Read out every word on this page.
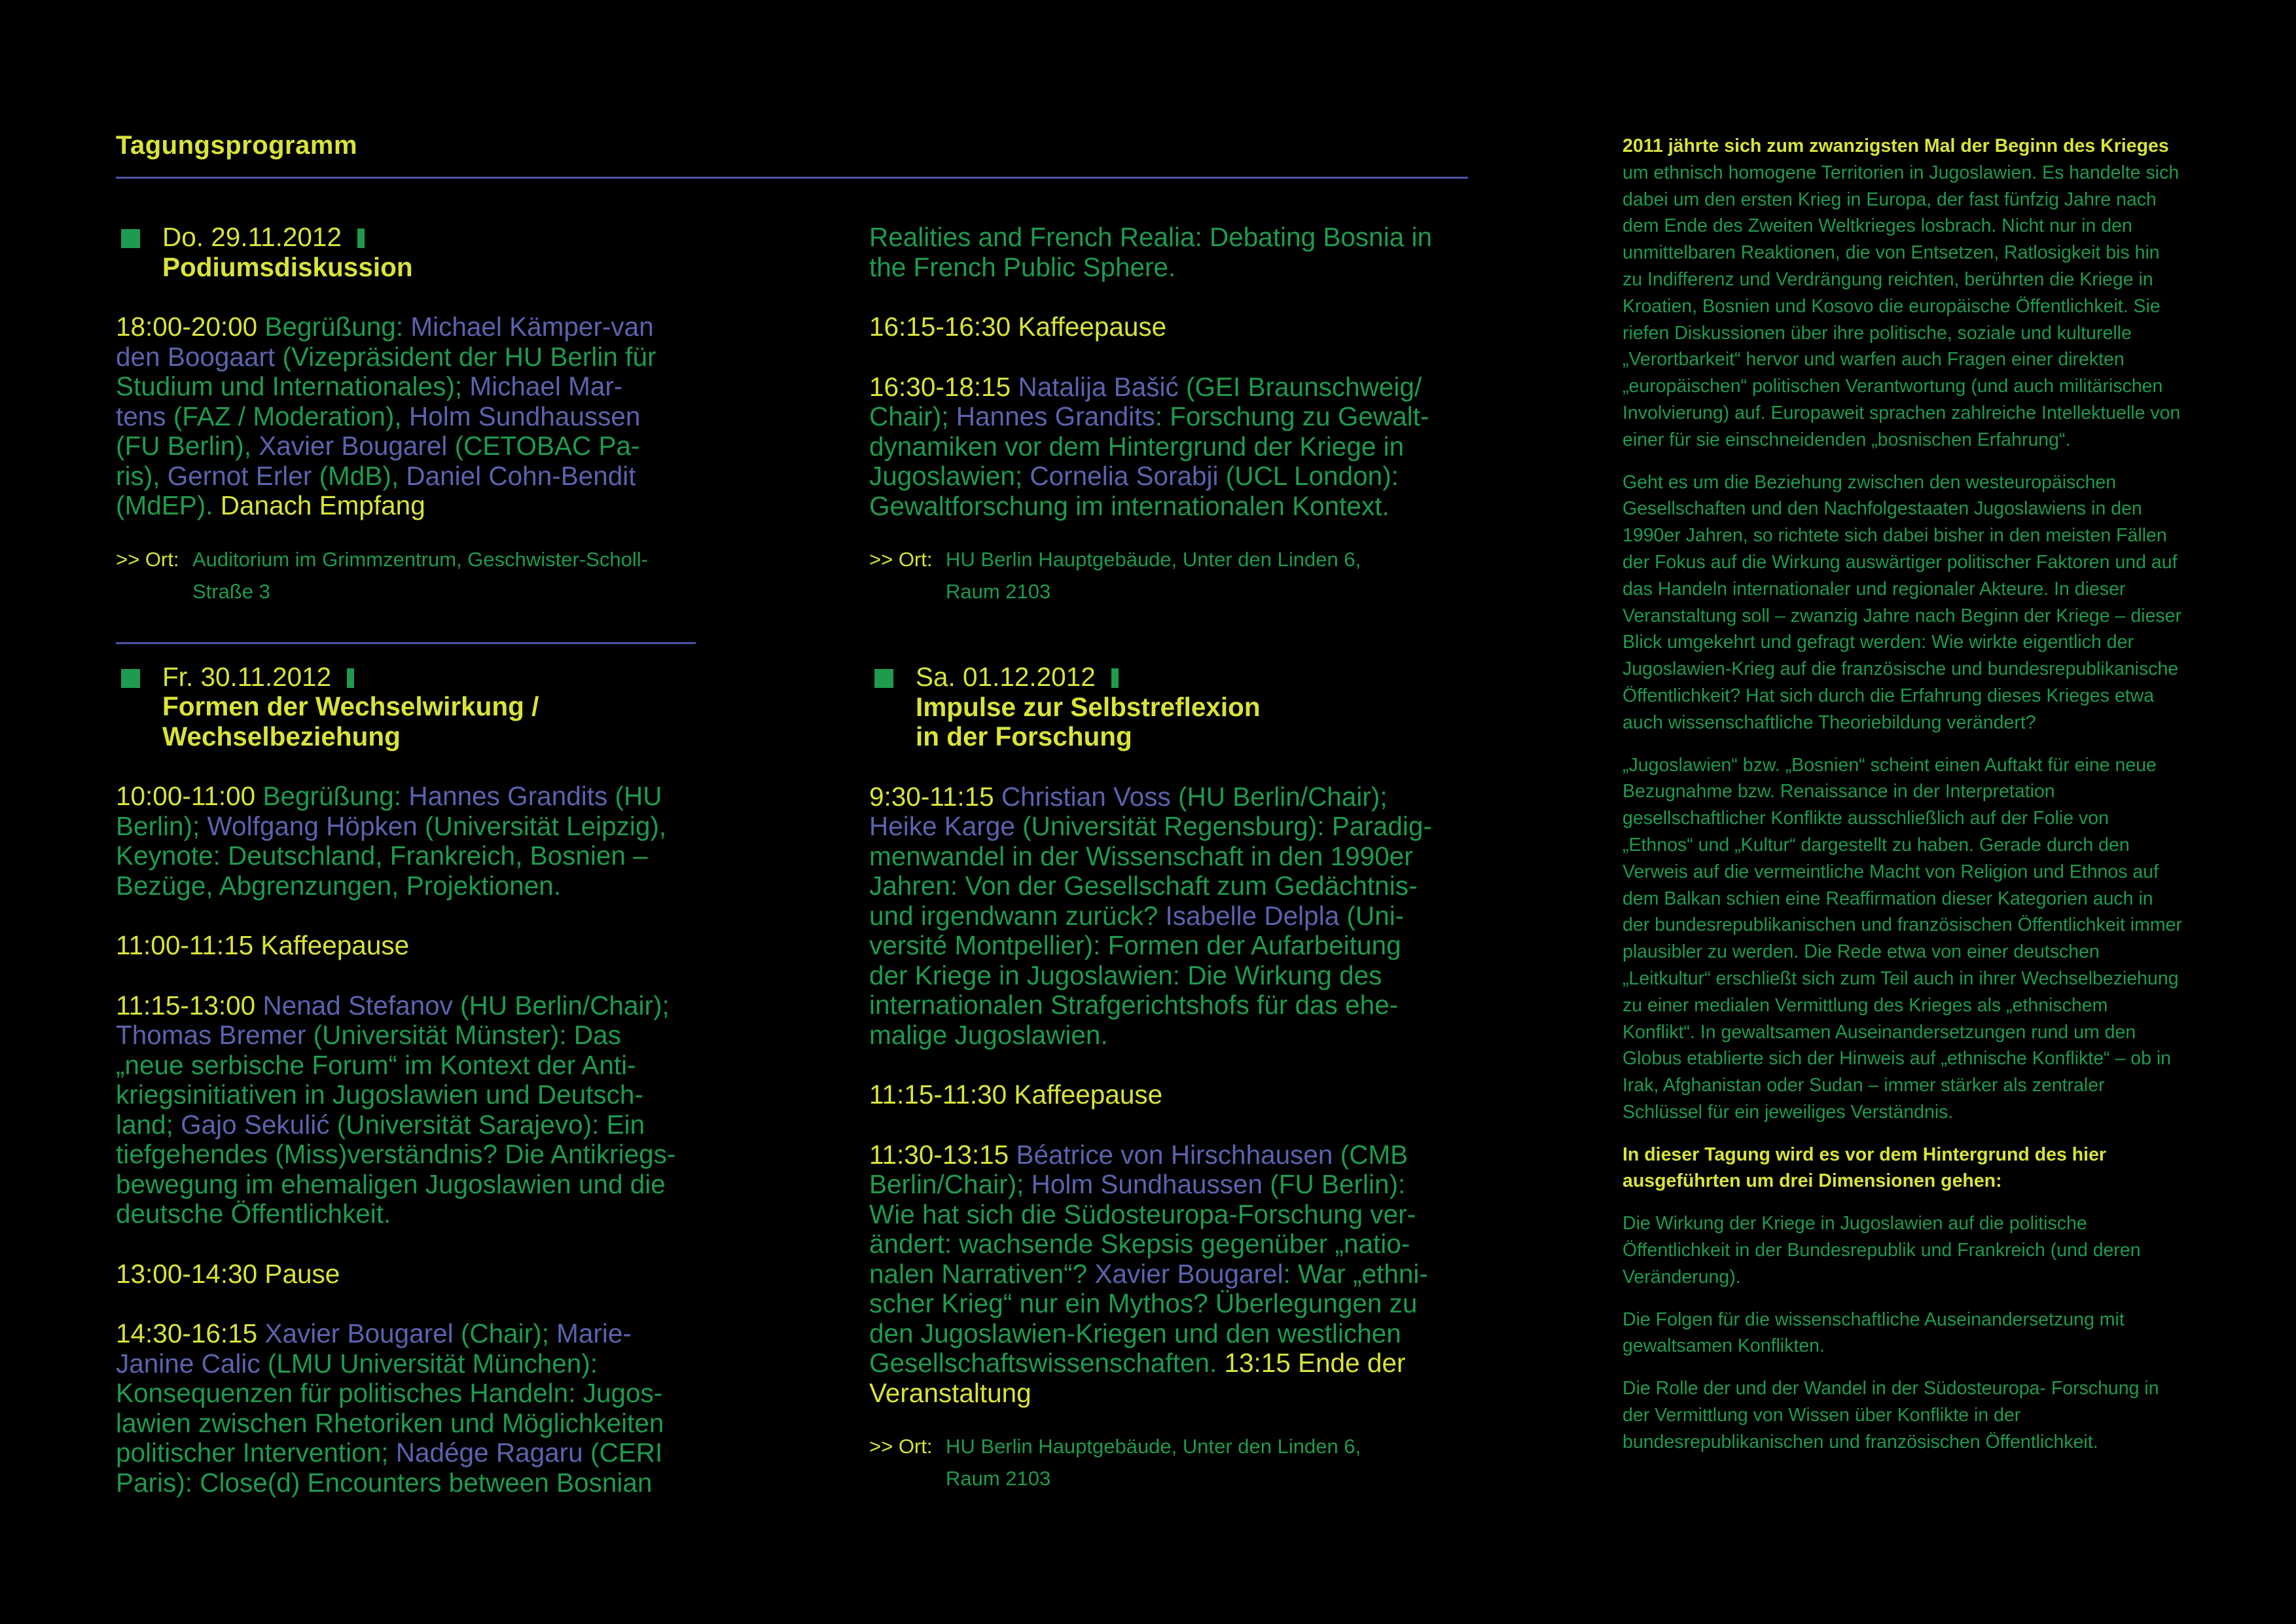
Tagungsprogramm

Do. 29.11.2012

Podiumsdiskussion

18:00-20:00 Begrüßung: Michael Kämper-van

den Boogaart (Vizepräsident der HU Berlin für

Studium und Internationales); Michael Mar-

tens (FAZ / Moderation), Holm Sundhaussen

(FU Berlin), Xavier Bougarel (CETOBAC Pa-

ris), Gernot Erler (MdB), Daniel Cohn-Bendit

(MdEP). Danach Empfang

>> Ort: Auditorium im Grimmzentrum, Geschwister-Scholl-

Straße 3

Fr. 30.11.2012

Formen der Wechselwirkung /

Wechselbeziehung

10:00-11:00 Begrüßung: Hannes Grandits (HU

Berlin); Wolfgang Höpken (Universität Leipzig),

Keynote: Deutschland, Frankreich, Bosnien –

Bezüge, Abgrenzungen, Projektionen.

11:00-11:15 Kaffeepause

11:15-13:00 Nenad Stefanov (HU Berlin/Chair);

Thomas Bremer (Universität Münster): Das

„neue serbische Forum“ im Kontext der Anti-

kriegsinitiativen in Jugoslawien und Deutsch-

land; Gajo Sekulić (Universität Sarajevo): Ein

tiefgehendes (Miss)verständnis? Die Antikriegs-

bewegung im ehemaligen Jugoslawien und die

deutsche Öffentlichkeit.

13:00-14:30 Pause

14:30-16:15 Xavier Bougarel (Chair); Marie-

Janine Calic (LMU Universität München):

Konsequenzen für politisches Handeln: Jugos-

lawien zwischen Rhetoriken und Möglichkeiten

politischer Intervention; Nadége Ragaru (CERI

Paris): Close(d) Encounters between Bosnian

Realities and French Realia: Debating Bosnia in

the French Public Sphere.

16:15-16:30 Kaffeepause

16:30-18:15 Natalija Bašić (GEI Braunschweig/

Chair); Hannes Grandits: Forschung zu Gewalt-

dynamiken vor dem Hintergrund der Kriege in

Jugoslawien; Cornelia Sorabji (UCL London):

Gewaltforschung im internationalen Kontext.

>> Ort: HU Berlin Hauptgebäude, Unter den Linden 6,

Raum 2103

Sa. 01.12.2012

Impulse zur Selbstreflexion

in der Forschung

9:30-11:15 Christian Voss (HU Berlin/Chair);

Heike Karge (Universität Regensburg): Paradig-

menwandel in der Wissenschaft in den 1990er

Jahren: Von der Gesellschaft zum Gedächtnis-

und irgendwann zurück? Isabelle Delpla (Uni-

versité Montpellier): Formen der Aufarbeitung

der Kriege in Jugoslawien: Die Wirkung des

internationalen Strafgerichtshofs für das ehe-

malige Jugoslawien.

11:15-11:30 Kaffeepause

11:30-13:15 Béatrice von Hirschhausen (CMB

Berlin/Chair); Holm Sundhaussen (FU Berlin):

Wie hat sich die Südosteuropa-Forschung ver-

ändert: wachsende Skepsis gegenüber „natio-

nalen Narrativen“? Xavier Bougarel: War „ethni-

scher Krieg“ nur ein Mythos? Überlegungen zu

den Jugoslawien-Kriegen und den westlichen

Gesellschaftswissenschaften. 13:15 Ende der

Veranstaltung

>> Ort: HU Berlin Hauptgebäude, Unter den Linden 6,

Raum 2103

2011 jährte sich zum zwanzigsten Mal der Beginn des Krieges um ethnisch homogene Territorien in Jugoslawien. Es handelte sich dabei um den ersten Krieg in Europa, der fast fünfzig Jahre nach dem Ende des Zweiten Weltkrieges losbrach. Nicht nur in den unmittelbaren Reaktionen, die von Entsetzen, Ratlosigkeit bis hin zu Indifferenz und Verdrängung reichten, berührten die Kriege in Kroatien, Bosnien und Kosovo die europäische Öffentlichkeit. Sie riefen Diskussionen über ihre politische, soziale und kulturelle „Verortbarkeit“ hervor und warfen auch Fragen einer direkten „europäischen“ politischen Verantwortung (und auch militärischen Involvierung) auf. Europaweit sprachen zahlreiche Intellektuelle von einer für sie einschneidenden „bosnischen Erfahrung“.

Geht es um die Beziehung zwischen den westeuropäischen Gesellschaften und den Nachfolgestaaten Jugoslawiens in den 1990er Jahren, so richtete sich dabei bisher in den meisten Fällen der Fokus auf die Wirkung auswärtiger politischer Faktoren und auf das Handeln internationaler und regionaler Akteure. In dieser Veranstaltung soll – zwanzig Jahre nach Beginn der Kriege – dieser Blick umgekehrt und gefragt werden: Wie wirkte eigentlich der Jugoslawien-Krieg auf die französische und bundesrepublikanische Öffentlichkeit? Hat sich durch die Erfahrung dieses Krieges etwa auch wissenschaftliche Theoriebildung verändert?

„Jugoslawien“ bzw. „Bosnien“ scheint einen Auftakt für eine neue Bezugnahme bzw. Renaissance in der Interpretation gesellschaftlicher Konflikte ausschließlich auf der Folie von „Ethnos“ und „Kultur“ dargestellt zu haben. Gerade durch den Verweis auf die vermeintliche Macht von Religion und Ethnos auf dem Balkan schien eine Reaffirmation dieser Kategorien auch in der bundesrepublikanischen und französischen Öffentlichkeit immer plausibler zu werden. Die Rede etwa von einer deutschen „Leitkultur“ erschließt sich zum Teil auch in ihrer Wechselbeziehung zu einer medialen Vermittlung des Krieges als „ethnischem Konflikt“. In gewaltsamen Auseinandersetzungen rund um den Globus etablierte sich der Hinweis auf „ethnische Konflikte“ – ob in Irak, Afghanistan oder Sudan – immer stärker als zentraler Schlüssel für ein jeweiliges Verständnis.

In dieser Tagung wird es vor dem Hintergrund des hier ausgeführten um drei Dimensionen gehen:

Die Wirkung der Kriege in Jugoslawien auf die politische Öffentlichkeit in der Bundesrepublik und Frankreich (und deren Veränderung).

Die Folgen für die wissenschaftliche Auseinandersetzung mit gewaltsamen Konflikten.

Die Rolle der und der Wandel in der Südosteuropa- Forschung in der Vermittlung von Wissen über Konflikte in der bundesrepublikanischen und französischen Öffentlichkeit.
